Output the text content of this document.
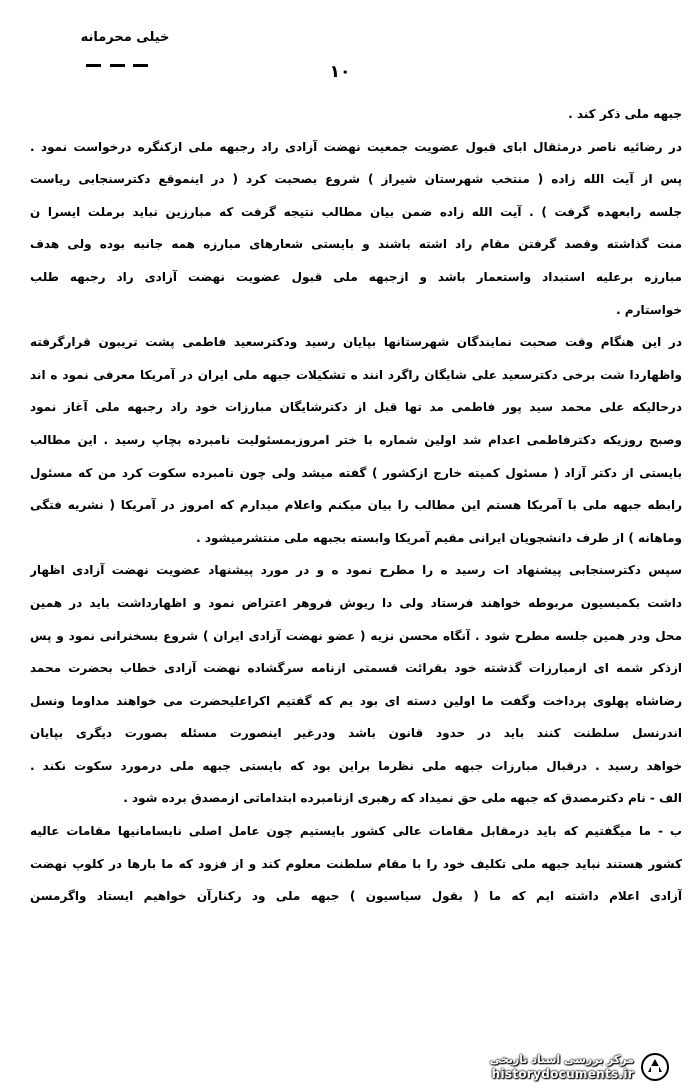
خیلی محرمانه
۱۰
جبهه ملی ذکر کند .
در رضائیه ناصر درمثقال ابای قبول عضویت جمعیت نهضت آزادی راد رجبهه ملی ازکنگره درخواست نمود .
پس از آیت الله زاده ( منتخب شهرستان شیراز ) شروع بصحبت کرد ( در اینموقع دکترسنجابی ریاست
جلسه رابعهده گرفت ) . آیت الله زاده ضمن بیان مطالب نتیجه گرفت که مبارزین نباید برملت ایسرا ن
منت گذاشته وقصد گرفتن مقام راد اشته باشند و بایستی شعارهای مبارزه همه جانبه بوده ولی هدف
مبارزه برعلیه استبداد واستعمار باشد و ازجبهه ملی قبول عضویت نهضت آزادی راد رجبهه طلب
خواستارم .
در این هنگام وقت صحبت نمایندگان شهرستانها بپایان رسید ودکترسعید فاطمی پشت تریبون قرارگرفته
واظهاردا شت برخی دکترسعید علی شایگان راگرد انند ه تشکیلات جبهه ملی ایران در آمریکا معرفی نمود ه اند
درحالیکه علی محمد سید پور فاطمی مد تها قبل از دکترشایگان مبارزات خود راد رجبهه ملی آغاز نمود
وصبح روزیکه دکترفاطمی اعدام شد اولین شماره با ختر امروزبمسئولیت نامبرده بچاپ رسید . این مطالب
بایستی از دکتر آزاد ( مسئول کمیته خارج ازکشور ) گفته میشد ولی چون نامبرده سکوت کرد من که مسئول
رابطه جبهه ملی با آمریکا هستم این مطالب را بیان میکنم واعلام میدارم که امروز در آمریکا ( نشریه فتگی
وماهانه ) از طرف دانشجویان ایرانی مقیم آمریکا وابسته بجبهه ملی منتشرمیشود .
سپس دکترسنجابی پیشنهاد ات رسید ه را مطرح نمود ه و در مورد پیشنهاد عضویت نهضت آزادی اظهار
داشت بکمیسیون مربوطه خواهند فرستاد ولی دا ریوش فروهر اعتراض نمود و اظهارداشت باید در همین
محل ودر همین جلسه مطرح شود . آنگاه محسن نزیه ( عضو نهضت آزادی ایران ) شروع بسخنرانی نمود و پس
ازذکر شمه ای ازمبارزات گذشته خود بقرائت قسمتی ازنامه سرگشاده نهضت آزادی خطاب بحضرت محمد
رضاشاه پهلوی پرداخت وگفت ما اولین دسته ای بود یم که گفتیم اکراعلیحضرت می خواهند مداوما ونسل
اندرنسل سلطنت کنند باید در حدود قانون باشد ودرغیر اینصورت مسئله بصورت دیگری بپایان
خواهد رسید . درقبال مبارزات جبهه ملی نظرما براین بود که بایستی جبهه ملی درمورد سکوت نکند .
الف - نام دکترمصدق که جبهه ملی حق نمیداد که رهبری ازنامبرده ابتداماتی ازمصدق برده شود .
ب - ما میگفتیم که باید درمقابل مقامات عالی کشور بایستیم چون عامل اصلی نابسامانیها مقامات عالیه
کشور هستند نباید جبهه ملی تکلیف خود را با مقام سلطنت معلوم کند و از فزود که ما بارها در کلوپ نهضت
آزادی اعلام داشته ایم که ما ( بقول سیاسیون ) جبهه ملی ود رکنارآن خواهیم ایستاد واگرمسن
مرکز بررسی اسناد تاریخی
historydocuments.ir
